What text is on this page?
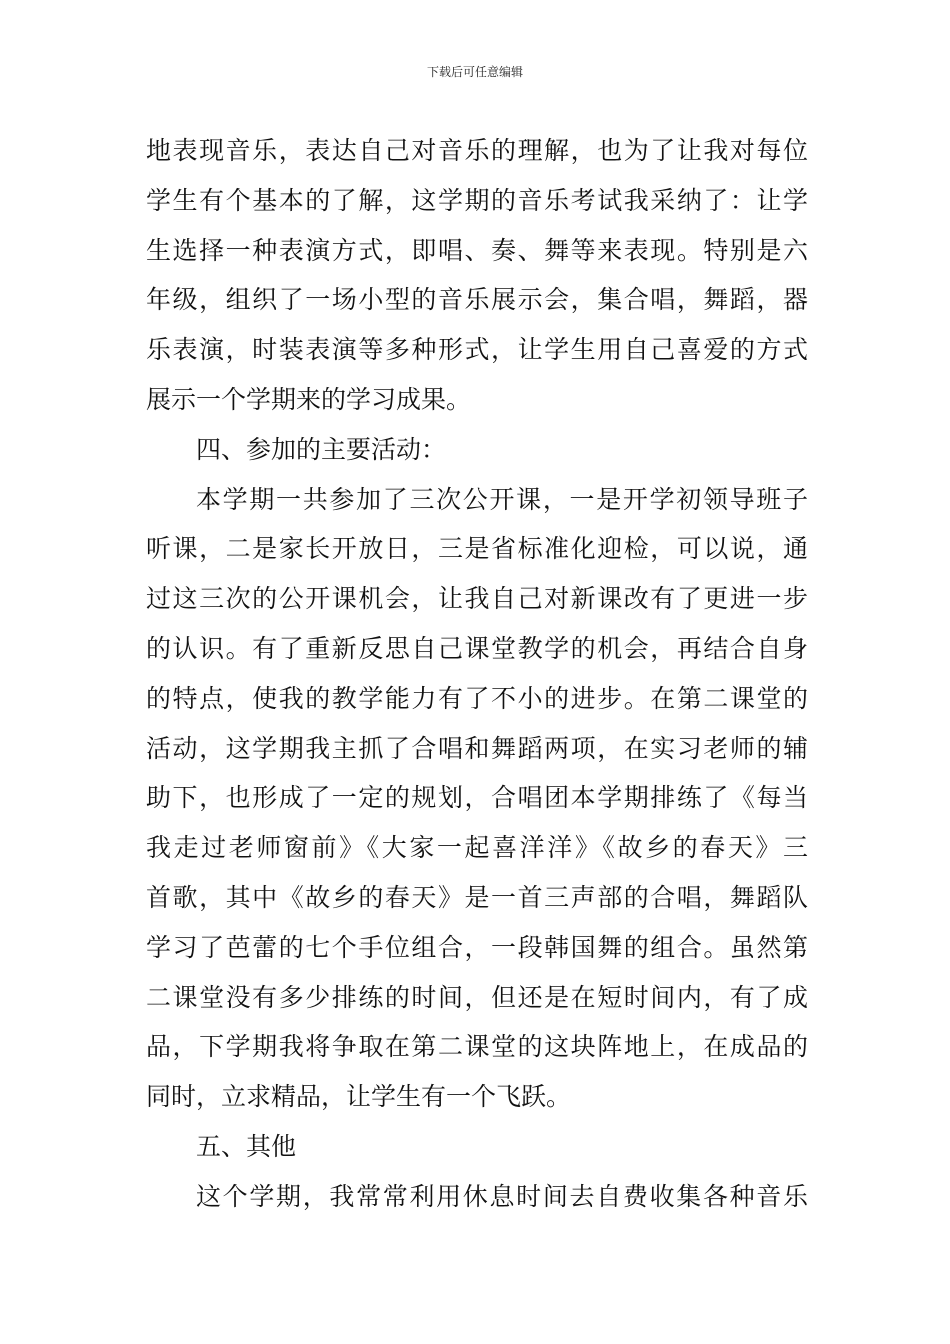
下载后可任意编辑
地表现音乐，表达自己对音乐的理解，也为了让我对每位
学生有个基本的了解，这学期的音乐考试我采纳了：让学
生选择一种表演方式，即唱、奏、舞等来表现。特别是六
年级，组织了一场小型的音乐展示会，集合唱，舞蹈，器
乐表演，时装表演等多种形式，让学生用自己喜爱的方式
展示一个学期来的学习成果。
四、参加的主要活动：
本学期一共参加了三次公开课，一是开学初领导班子
听课，二是家长开放日，三是省标准化迎检，可以说，通
过这三次的公开课机会，让我自己对新课改有了更进一步
的认识。有了重新反思自己课堂教学的机会，再结合自身
的特点，使我的教学能力有了不小的进步。在第二课堂的
活动，这学期我主抓了合唱和舞蹈两项，在实习老师的辅
助下，也形成了一定的规划，合唱团本学期排练了《每当
我走过老师窗前》《大家一起喜洋洋》《故乡的春天》三
首歌，其中《故乡的春天》是一首三声部的合唱，舞蹈队
学习了芭蕾的七个手位组合，一段韩国舞的组合。虽然第
二课堂没有多少排练的时间，但还是在短时间内，有了成
品，下学期我将争取在第二课堂的这块阵地上，在成品的
同时，立求精品，让学生有一个飞跃。
五、其他
这个学期，我常常利用休息时间去自费收集各种音乐
